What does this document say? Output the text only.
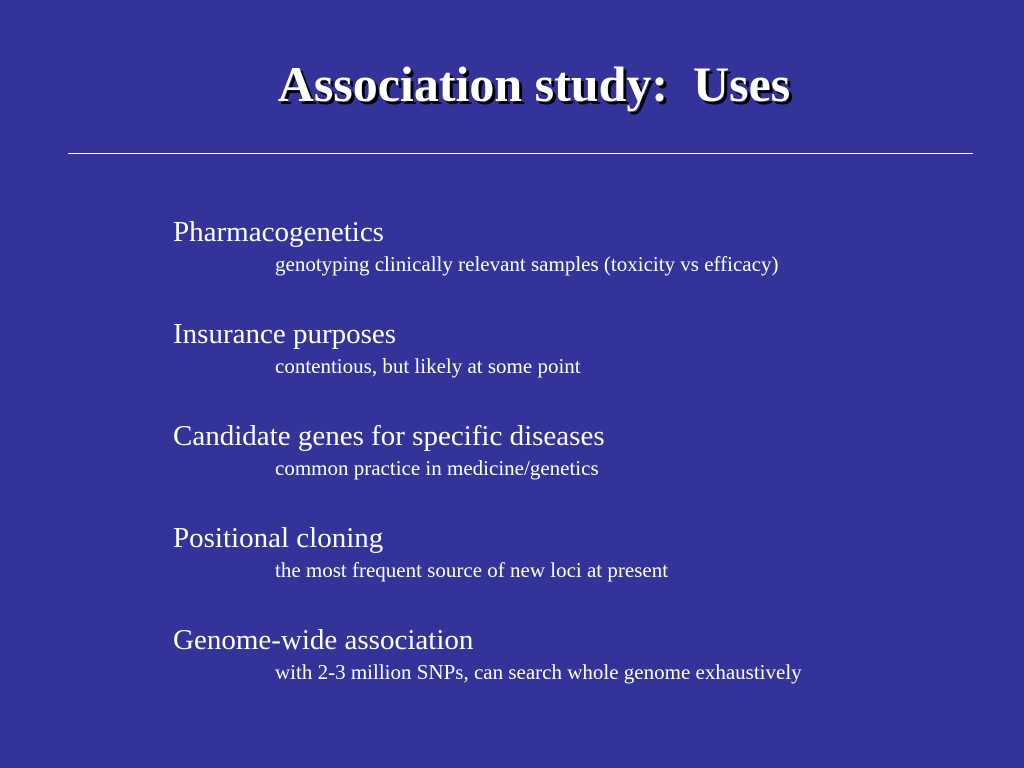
Association study:  Uses
Pharmacogenetics
genotyping clinically relevant samples (toxicity vs efficacy)
Insurance purposes
contentious, but likely at some point
Candidate genes for specific diseases
common practice in medicine/genetics
Positional cloning
the most frequent source of new loci at present
Genome-wide association
with 2-3 million SNPs, can search whole genome exhaustively
